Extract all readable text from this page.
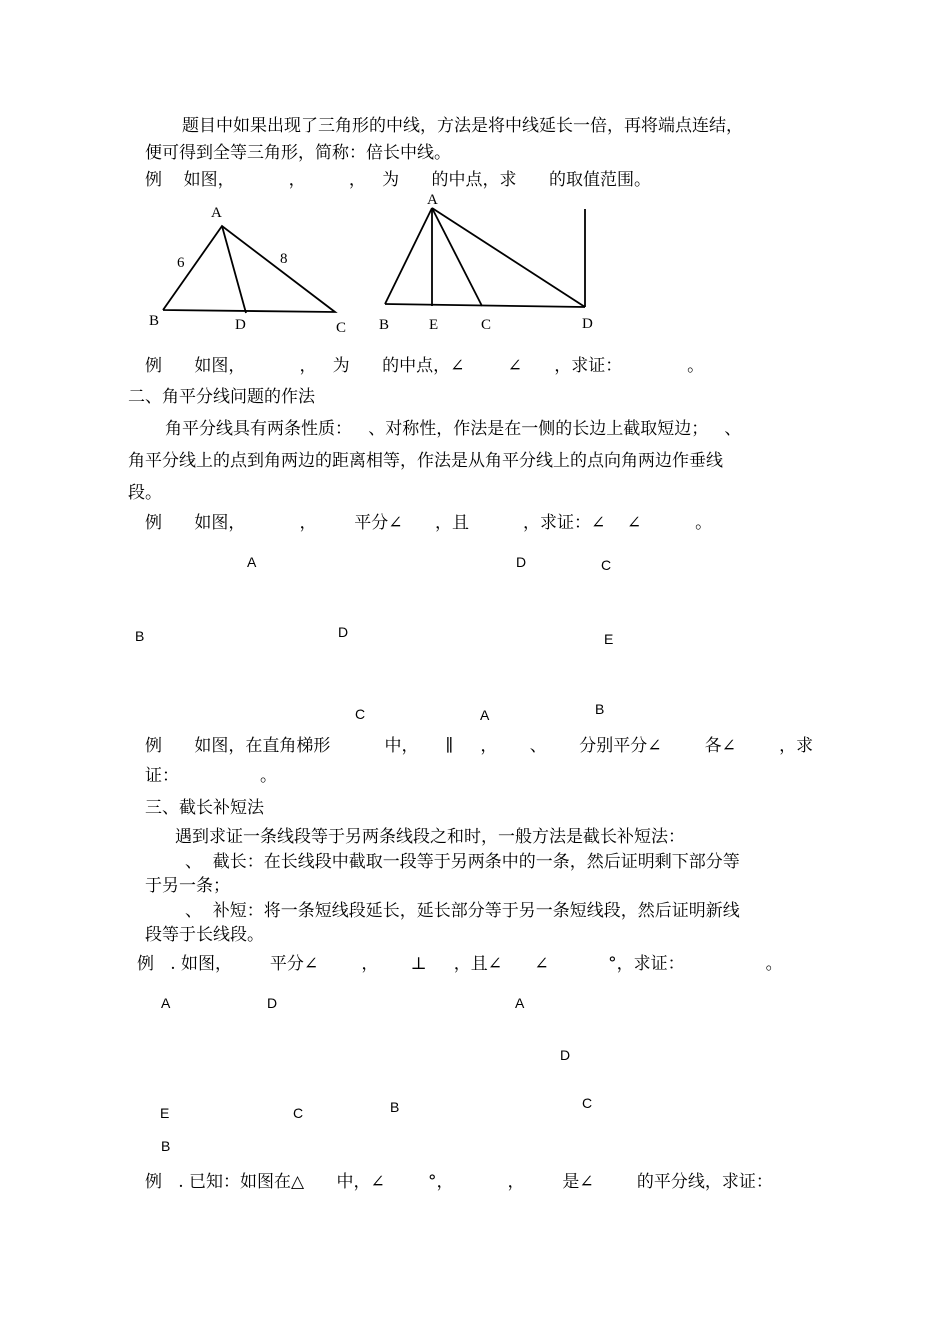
题目中如果出现了三角形的中线，方法是将中线延长一倍，再将端点连结，
便可得到全等三角形，简称：倍长中线。
例    如图，          ，        ，   为      的中点，求      的取值范围。
A
6	8
B	D	C
A
B	E	C	D
例      如图，          ，   为      的中点，∠        ∠      ，求证：            。
二、角平分线问题的作法
角平分线具有两条性质：   、对称性，作法是在一侧的长边上截取短边；   、
角平分线上的点到角两边的距离相等，作法是从角平分线上的点向角两边作垂线
段。
例      如图，          ，       平分∠      ，且          ，求证：∠    ∠          。
A	D	C
B	D	E
C	A	B
例      如图，在直角梯形          中，     ∥     ，      、      分别平分∠        各∠        ，求
证：               。
三、截长补短法
遇到求证一条线段等于另两条线段之和时，一般方法是截长补短法：
、  截长：在长线段中截取一段等于另两条中的一条，然后证明剩下部分等
于另一条；
、  补短：将一条短线段延长，延长部分等于另一条短线段，然后证明新线
段等于长线段。
例   . 如图，       平分∠        ，      ⊥     ，且∠      ∠           °，求证：               。
A	D	A
D
E	C	B	C
B
例   . 已知：如图在△      中，∠        °，          ，       是∠        的平分线，求证：
